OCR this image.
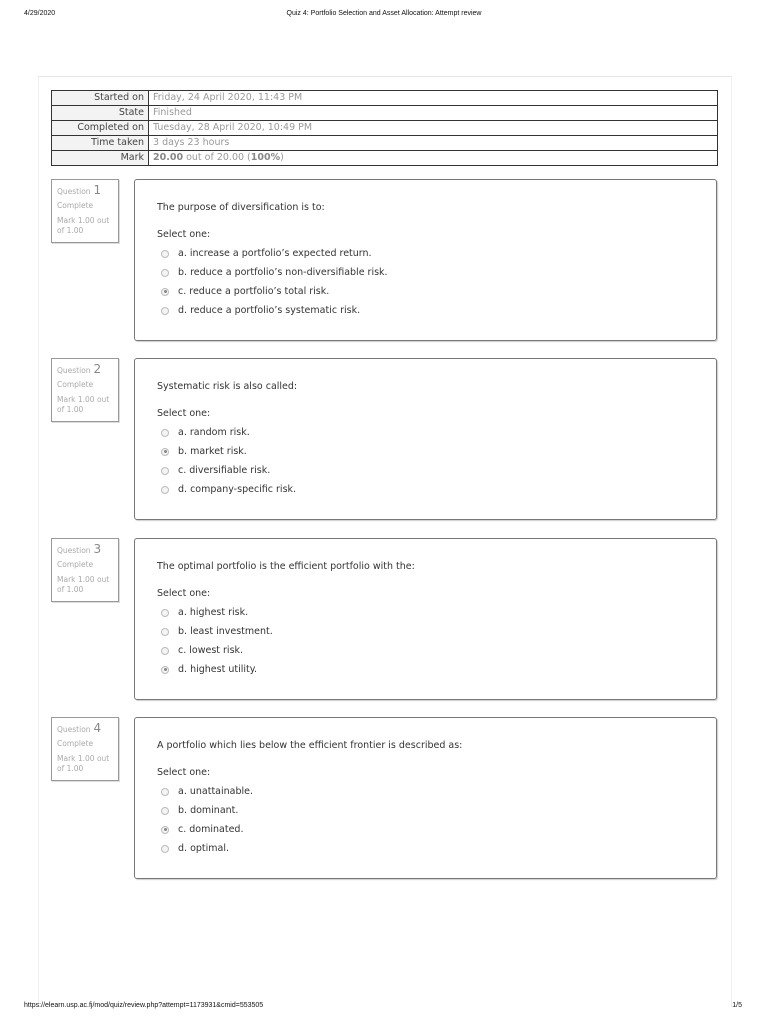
4/29/2020	Quiz 4: Portfolio Selection and Asset Allocation: Attempt review
Started on	Friday, 24 April 2020, 11:43 PM
State	Finished
Completed on	Tuesday, 28 April 2020, 10:49 PM
Time taken	3 days 23 hours
Mark	20.00 out of 20.00 (100%)
Question 1
Complete
Mark 1.00 out of 1.00
The purpose of diversification is to:
Select one:
a. increase a portfolio’s expected return.
b. reduce a portfolio’s non-diversifiable risk.
c. reduce a portfolio’s total risk.
d. reduce a portfolio’s systematic risk.
Question 2
Complete
Mark 1.00 out of 1.00
Systematic risk is also called:
Select one:
a. random risk.
b. market risk.
c. diversifiable risk.
d. company-specific risk.
Question 3
Complete
Mark 1.00 out of 1.00
The optimal portfolio is the efficient portfolio with the:
Select one:
a. highest risk.
b. least investment.
c. lowest risk.
d. highest utility.
Question 4
Complete
Mark 1.00 out of 1.00
A portfolio which lies below the efficient frontier is described as:
Select one:
a. unattainable.
b. dominant.
c. dominated.
d. optimal.
https://elearn.usp.ac.fj/mod/quiz/review.php?attempt=1173931&cmid=553505	1/5
